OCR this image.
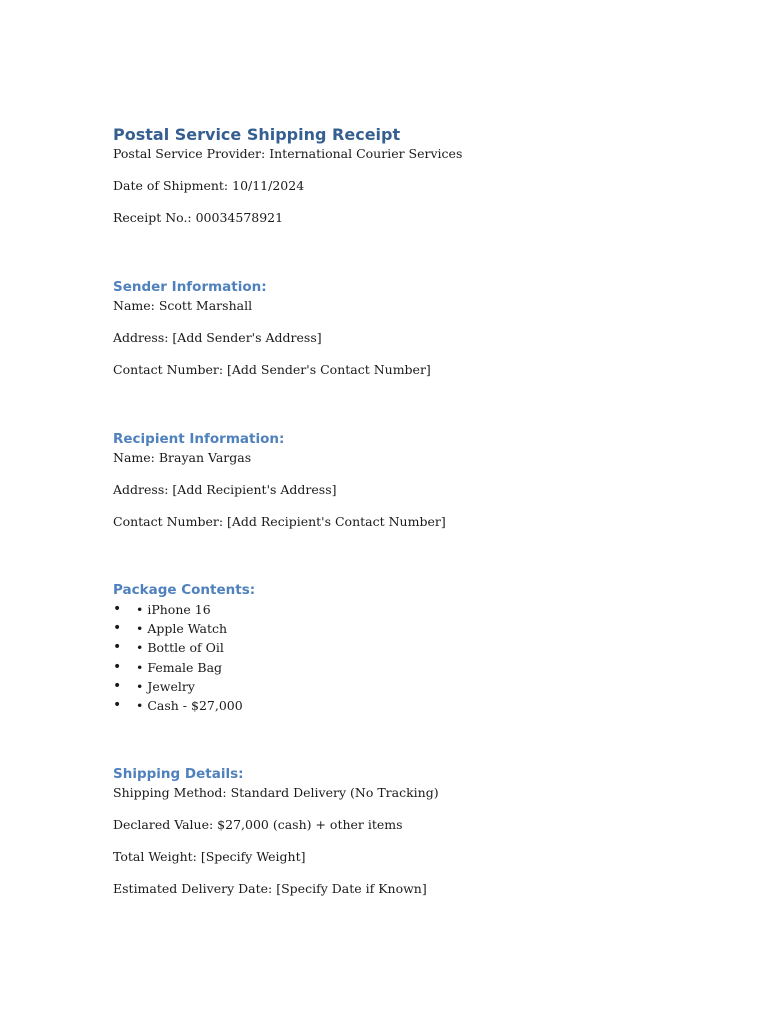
Postal Service Shipping Receipt

Postal Service Provider: International Courier Services

Date of Shipment: 10/11/2024

Receipt No.: 00034578921

Sender Information:

Name: Scott Marshall

Address: [Add Sender's Address]

Contact Number: [Add Sender's Contact Number]

Recipient Information:

Name: Brayan Vargas

Address: [Add Recipient's Address]

Contact Number: [Add Recipient's Contact Number]

Package Contents:
• • iPhone 16
• • Apple Watch
• • Bottle of Oil
• • Female Bag
• • Jewelry
• • Cash - $27,000
Shipping Details:

Shipping Method: Standard Delivery (No Tracking)

Declared Value: $27,000 (cash) + other items

Total Weight: [Specify Weight]

Estimated Delivery Date: [Specify Date if Known]
